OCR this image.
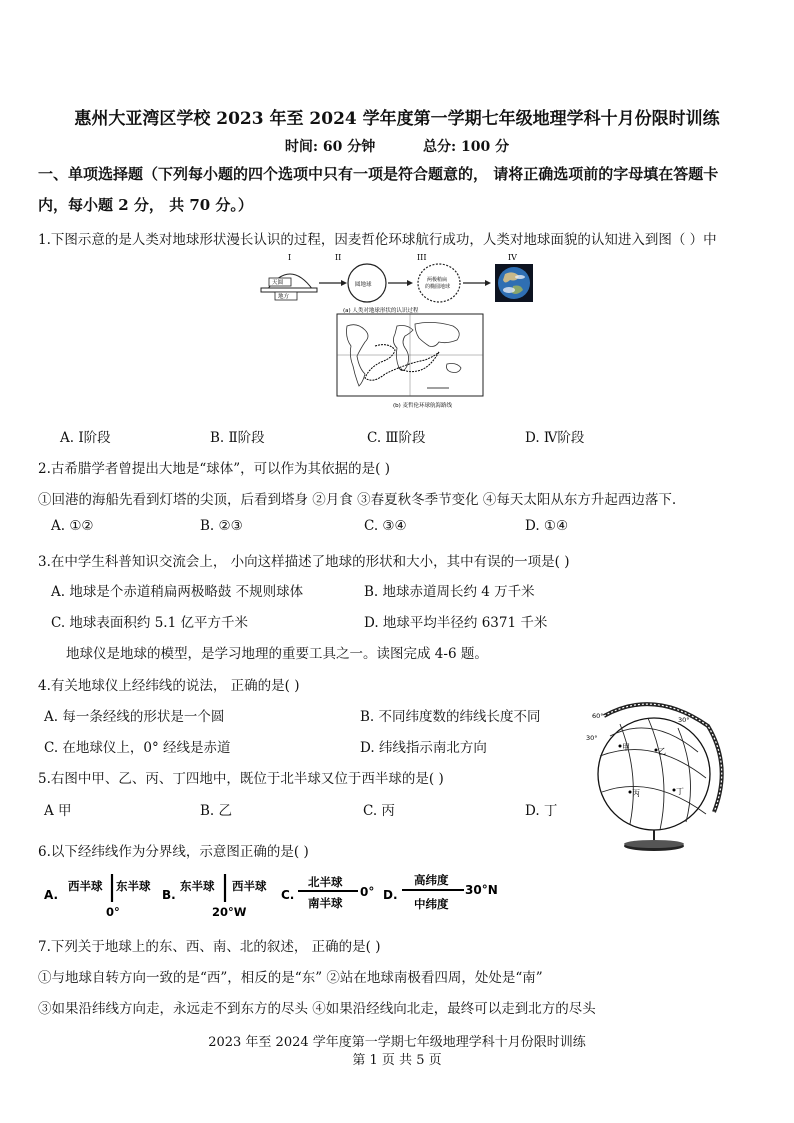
惠州大亚湾区学校 2023 年至 2024 学年度第一学期七年级地理学科十月份限时训练
时间: 60 分钟	总分: 100 分
一、单项选择题（下列每小题的四个选项中只有一项是符合题意的， 请将正确选项前的字母填在答题卡
内，每小题 2 分， 共 70 分。）
1.下图示意的是人类对地球形状漫长认识的过程，因麦哲伦环球航行成功，人类对地球面貌的认知进入到图（ ）中
I	II	III	IV
天圆
地方
圆地球
两极稍扁
的椭圆地球
(a) 人类对地球形状的认识过程
(b) 麦哲伦环球航海路线
A. Ⅰ阶段	B. Ⅱ阶段	C. Ⅲ阶段	D. Ⅳ阶段
2.古希腊学者曾提出大地是“球体”，可以作为其依据的是( )
①回港的海船先看到灯塔的尖顶，后看到塔身 ②月食 ③春夏秋冬季节变化 ④每天太阳从东方升起西边落下.
A. ①②	B. ②③	C. ③④	D. ①④
3.在中学生科普知识交流会上， 小向这样描述了地球的形状和大小，其中有误的一项是( )
A. 地球是个赤道稍扁两极略鼓 不规则球体	B. 地球赤道周长约 4 万千米
C. 地球表面积约 5.1 亿平方千米	D. 地球平均半径约 6371 千米
地球仪是地球的模型，是学习地理的重要工具之一。读图完成 4-6 题。
4.有关地球仪上经纬线的说法， 正确的是( )
A. 每一条经线的形状是一个圆	B. 不同纬度数的纬线长度不同
C. 在地球仪上，0° 经线是赤道	D. 纬线指示南北方向
60°
30°
30°
甲	乙
丙	丁
5.右图中甲、乙、丙、丁四地中，既位于北半球又位于西半球的是( )
A 甲	B. 乙	C. 丙	D. 丁
6.以下经纬线作为分界线，示意图正确的是( )
A.
西半球 东半球
0°
B.
东半球 西半球
20°W
C.
北半球
南半球
0° D.
高纬度
中纬度
30°N
7.下列关于地球上的东、西、南、北的叙述， 正确的是( )
①与地球自转方向一致的是“西”，相反的是“东” ②站在地球南极看四周，处处是“南”
③如果沿纬线方向走，永远走不到东方的尽头 ④如果沿经线向北走，最终可以走到北方的尽头
2023 年至 2024 学年度第一学期七年级地理学科十月份限时训练
第 1 页 共 5 页
